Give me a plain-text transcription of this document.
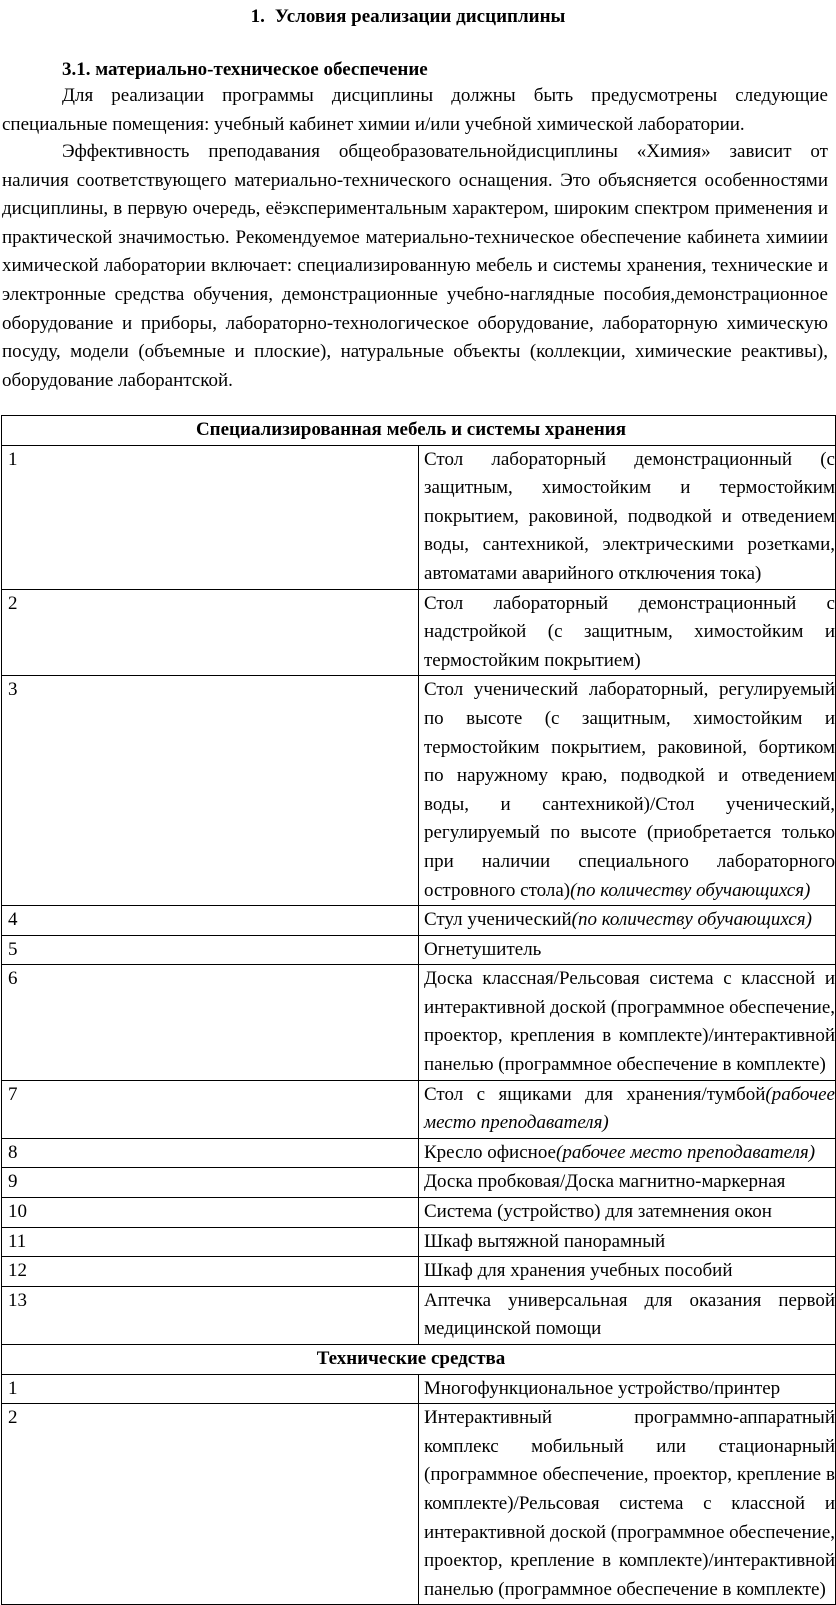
1. Условия реализации дисциплины
3.1. материально-техническое обеспечение

Для реализации программы дисциплины должны быть предусмотрены следующие специальные помещения: учебный кабинет химии и/или учебной химической лаборатории.

Эффективность преподавания общеобразовательнойдисциплины «Химия» зависит от наличия соответствующего материально-технического оснащения. Это объясняется особенностями дисциплины, в первую очередь, еёэкспериментальным характером, широким спектром применения и практической значимостью. Рекомендуемое материально-техническое обеспечение кабинета химиии химической лаборатории включает: специализированную мебель и системы хранения, технические и электронные средства обучения, демонстрационные учебно-наглядные пособия,демонстрационное оборудование и приборы, лабораторно-технологическое оборудование, лабораторную химическую посуду, модели (объемные и плоские), натуральные объекты (коллекции, химические реактивы), оборудование лаборантской.

Специализированная мебель и системы хранения	
1	Стол лабораторный демонстрационный (с защитным, химостойким и термостойким покрытием, раковиной, подводкой и отведением воды, сантехникой, электрическими розетками, автоматами аварийного отключения тока)
2	Стол лабораторный демонстрационный с надстройкой (с защитным, химостойким и термостойким покрытием)
3	Стол ученический лабораторный, регулируемый по высоте (с защитным, химостойким и термостойким покрытием, раковиной, бортиком по наружному краю, подводкой и отведением воды, и сантехникой)/Стол ученический, регулируемый по высоте (приобретается только при наличии специального лабораторного островного стола)(по количеству обучающихся)
4	Стул ученический(по количеству обучающихся)
5	Огнетушитель
6	Доска классная/Рельсовая система с классной и интерактивной доской (программное обеспечение, проектор, крепления в комплекте)/интерактивной панелью (программное обеспечение в комплекте)
7	Стол с ящиками для хранения/тумбой(рабочее место преподавателя)
8	Кресло офисное(рабочее место преподавателя)
9	Доска пробковая/Доска магнитно-маркерная
10	Система (устройство) для затемнения окон
11	Шкаф вытяжной панорамный
12	Шкаф для хранения учебных пособий
13	Аптечка универсальная для оказания первой медицинской помощи
Технические средства	
1	Многофункциональное устройство/принтер
2	Интерактивный программно-аппаратный комплекс мобильный или стационарный (программное обеспечение, проектор, крепление в комплекте)/Рельсовая система с классной и интерактивной доской (программное обеспечение, проектор, крепление в комплекте)/интерактивной панелью (программное обеспечение в комплекте)
